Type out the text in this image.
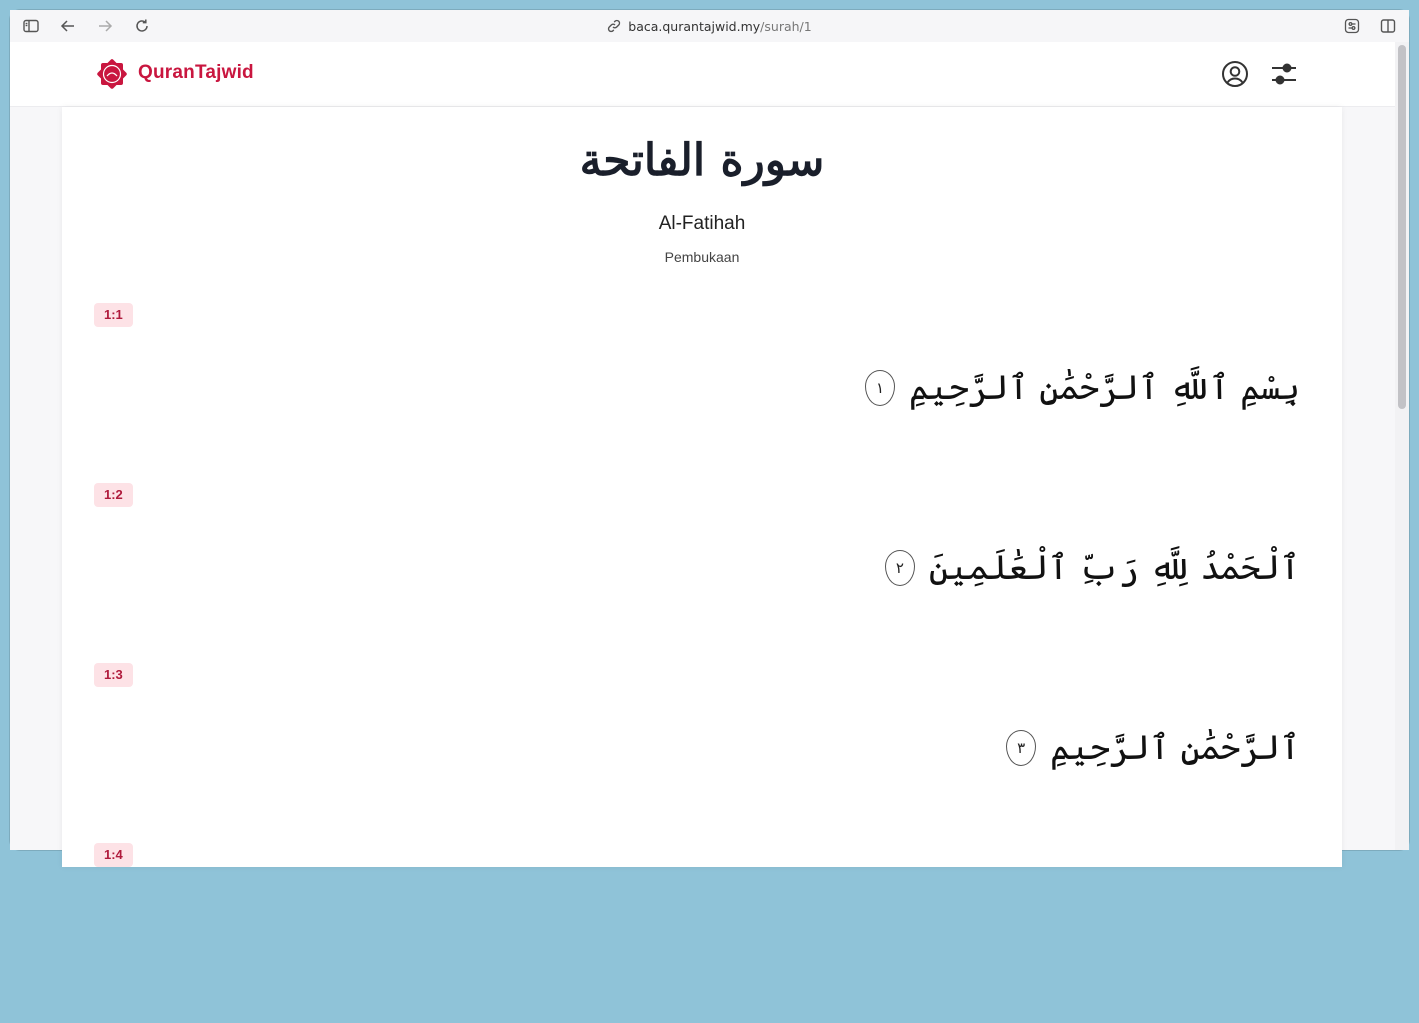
baca.qurantajwid.my /surah/1
QuranTajwid
سورة الفاتحة
Al-Fatihah
Pembukaan
1:1
بِسْمِ ٱللَّهِ ٱلرَّحْمَٰنِ ٱلرَّحِيمِ
١
1:2
ٱلْحَمْدُ لِلَّهِ رَبِّ ٱلْعَٰلَمِينَ
٢
1:3
ٱلرَّحْمَٰنِ ٱلرَّحِيمِ
٣
1:4
